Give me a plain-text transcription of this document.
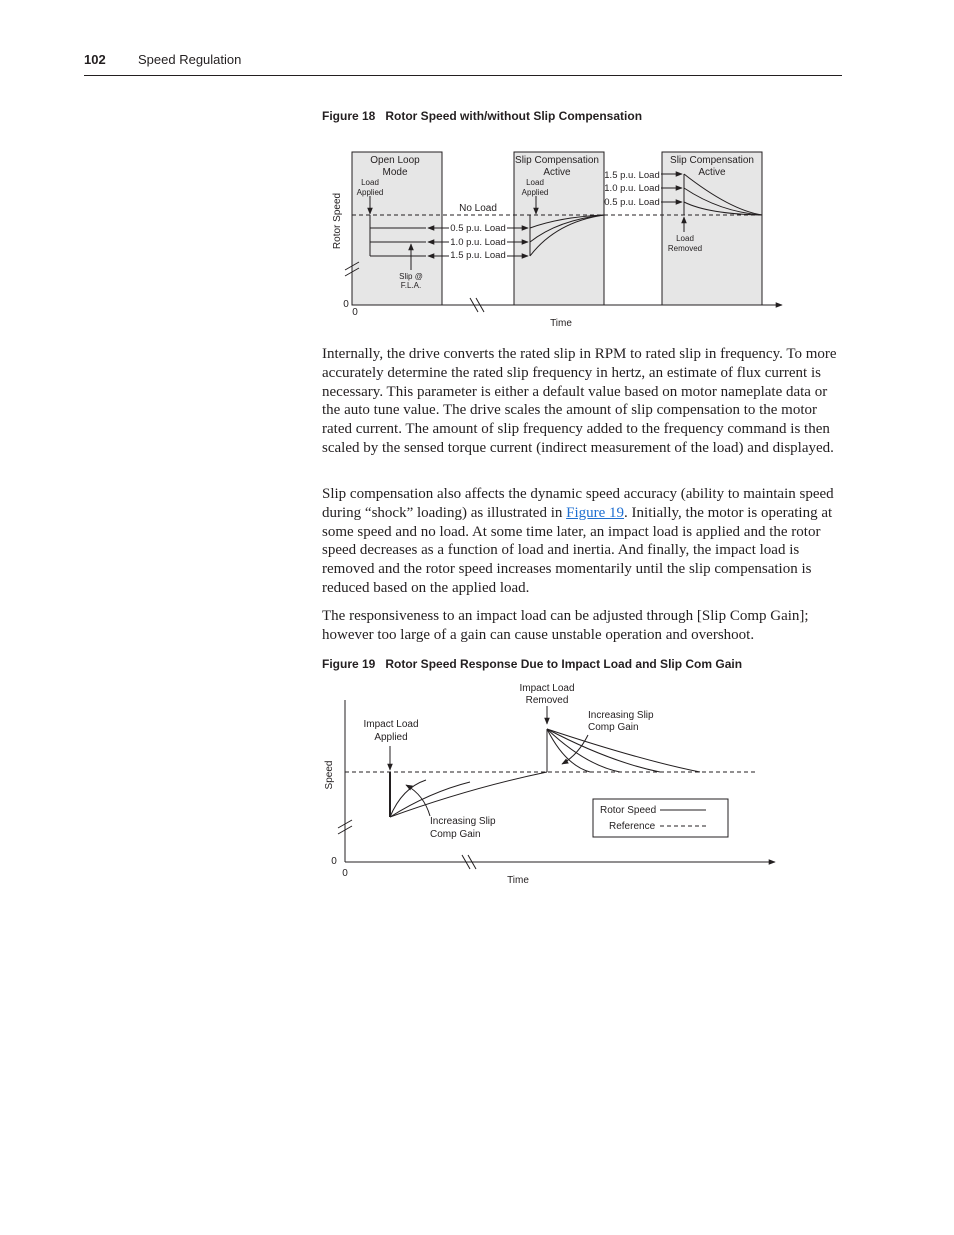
102 Speed Regulation
Figure 18 Rotor Speed with/without Slip Compensation
Open Loop
Mode
Load
Applied
Slip @
F.L.A.
No Load
0.5 p.u. Load
1.0 p.u. Load
1.5 p.u. Load
Slip Compensation
Active
Load
Applied
1.5 p.u. Load
1.0 p.u. Load
0.5 p.u. Load
Slip Compensation
Active
Load
Removed
Rotor Speed
Time
0
0

Internally, the drive converts the rated slip in RPM to rated slip in frequency. To more accurately determine the rated slip frequency in hertz, an estimate of flux current is necessary. This parameter is either a default value based on motor nameplate data or the auto tune value. The drive scales the amount of slip compensation to the motor rated current. The amount of slip frequency added to the frequency command is then scaled by the sensed torque current (indirect measurement of the load) and displayed.

Slip compensation also affects the dynamic speed accuracy (ability to maintain speed during “shock” loading) as illustrated in Figure 19. Initially, the motor is operating at some speed and no load. At some time later, an impact load is applied and the rotor speed decreases as a function of load and inertia. And finally, the impact load is removed and the rotor speed increases momentarily until the slip compensation is reduced based on the applied load.

The responsiveness to an impact load can be adjusted through [Slip Comp Gain]; however too large of a gain can cause unstable operation and overshoot.

Figure 19 Rotor Speed Response Due to Impact Load and Slip Com Gain
Rotor Speed
Reference
Impact Load
Applied
Impact Load
Removed
Increasing Slip
Comp Gain
Increasing Slip
Comp Gain
Speed
Time
0
0
